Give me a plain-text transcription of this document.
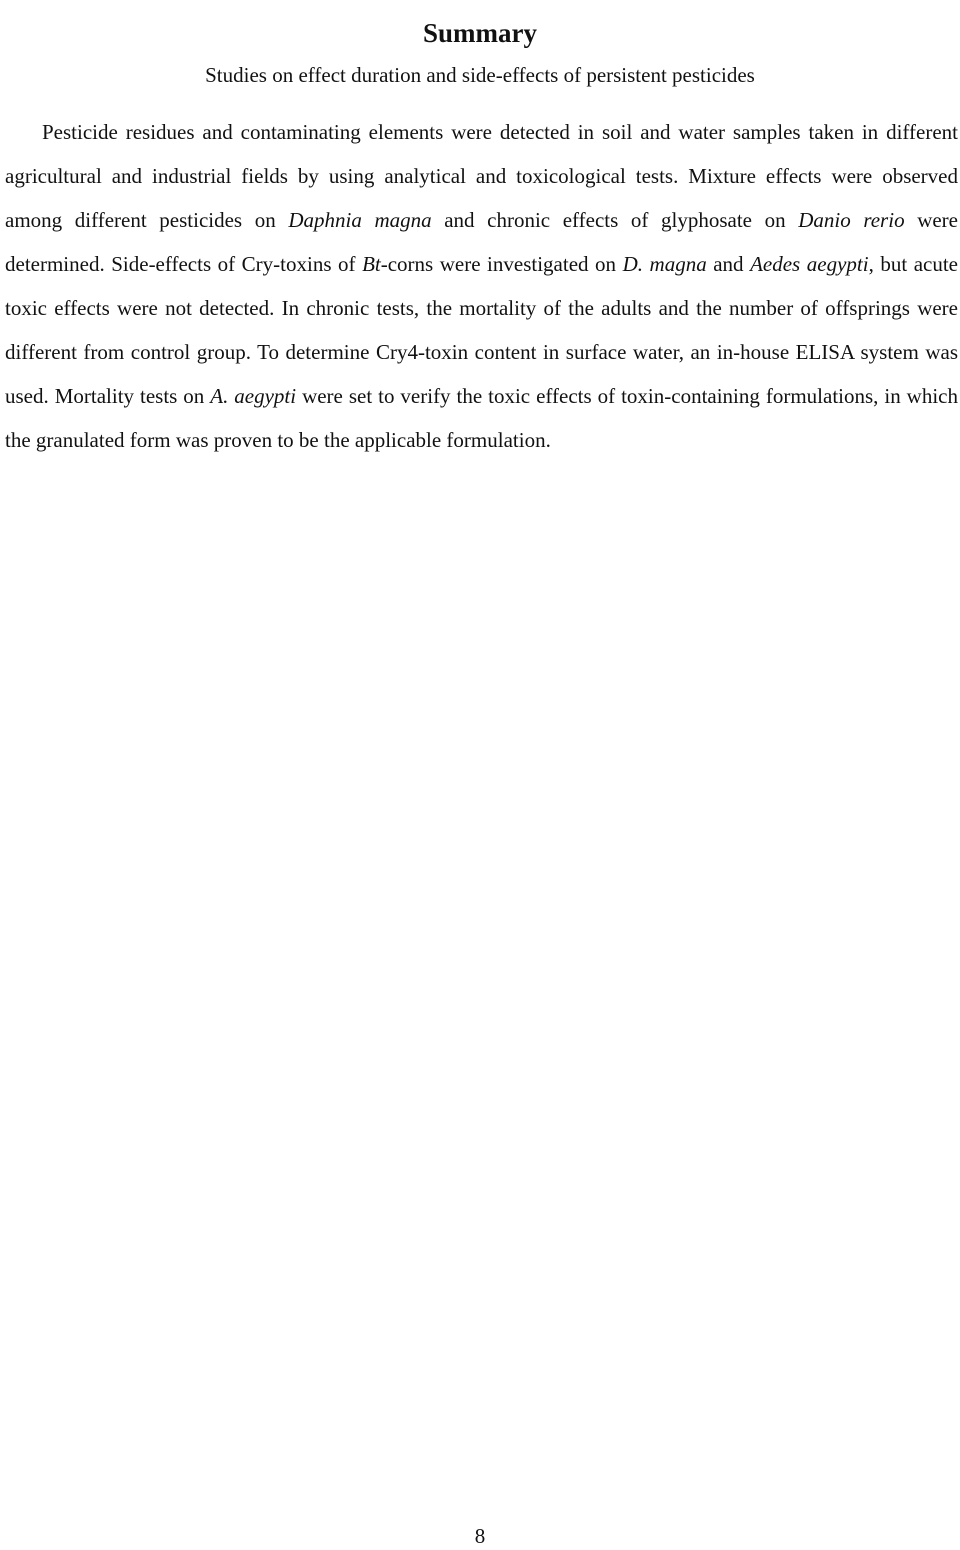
Summary
Studies on effect duration and side-effects of persistent pesticides

Pesticide residues and contaminating elements were detected in soil and water samples taken in different agricultural and industrial fields by using analytical and toxicological tests. Mixture effects were observed among different pesticides on Daphnia magna and chronic effects of glyphosate on Danio rerio were determined. Side-effects of Cry-toxins of Bt-corns were investigated on D. magna and Aedes aegypti, but acute toxic effects were not detected. In chronic tests, the mortality of the adults and the number of offsprings were different from control group. To determine Cry4-toxin content in surface water, an in-house ELISA system was used. Mortality tests on A. aegypti were set to verify the toxic effects of toxin-containing formulations, in which the granulated form was proven to be the applicable formulation.

8
